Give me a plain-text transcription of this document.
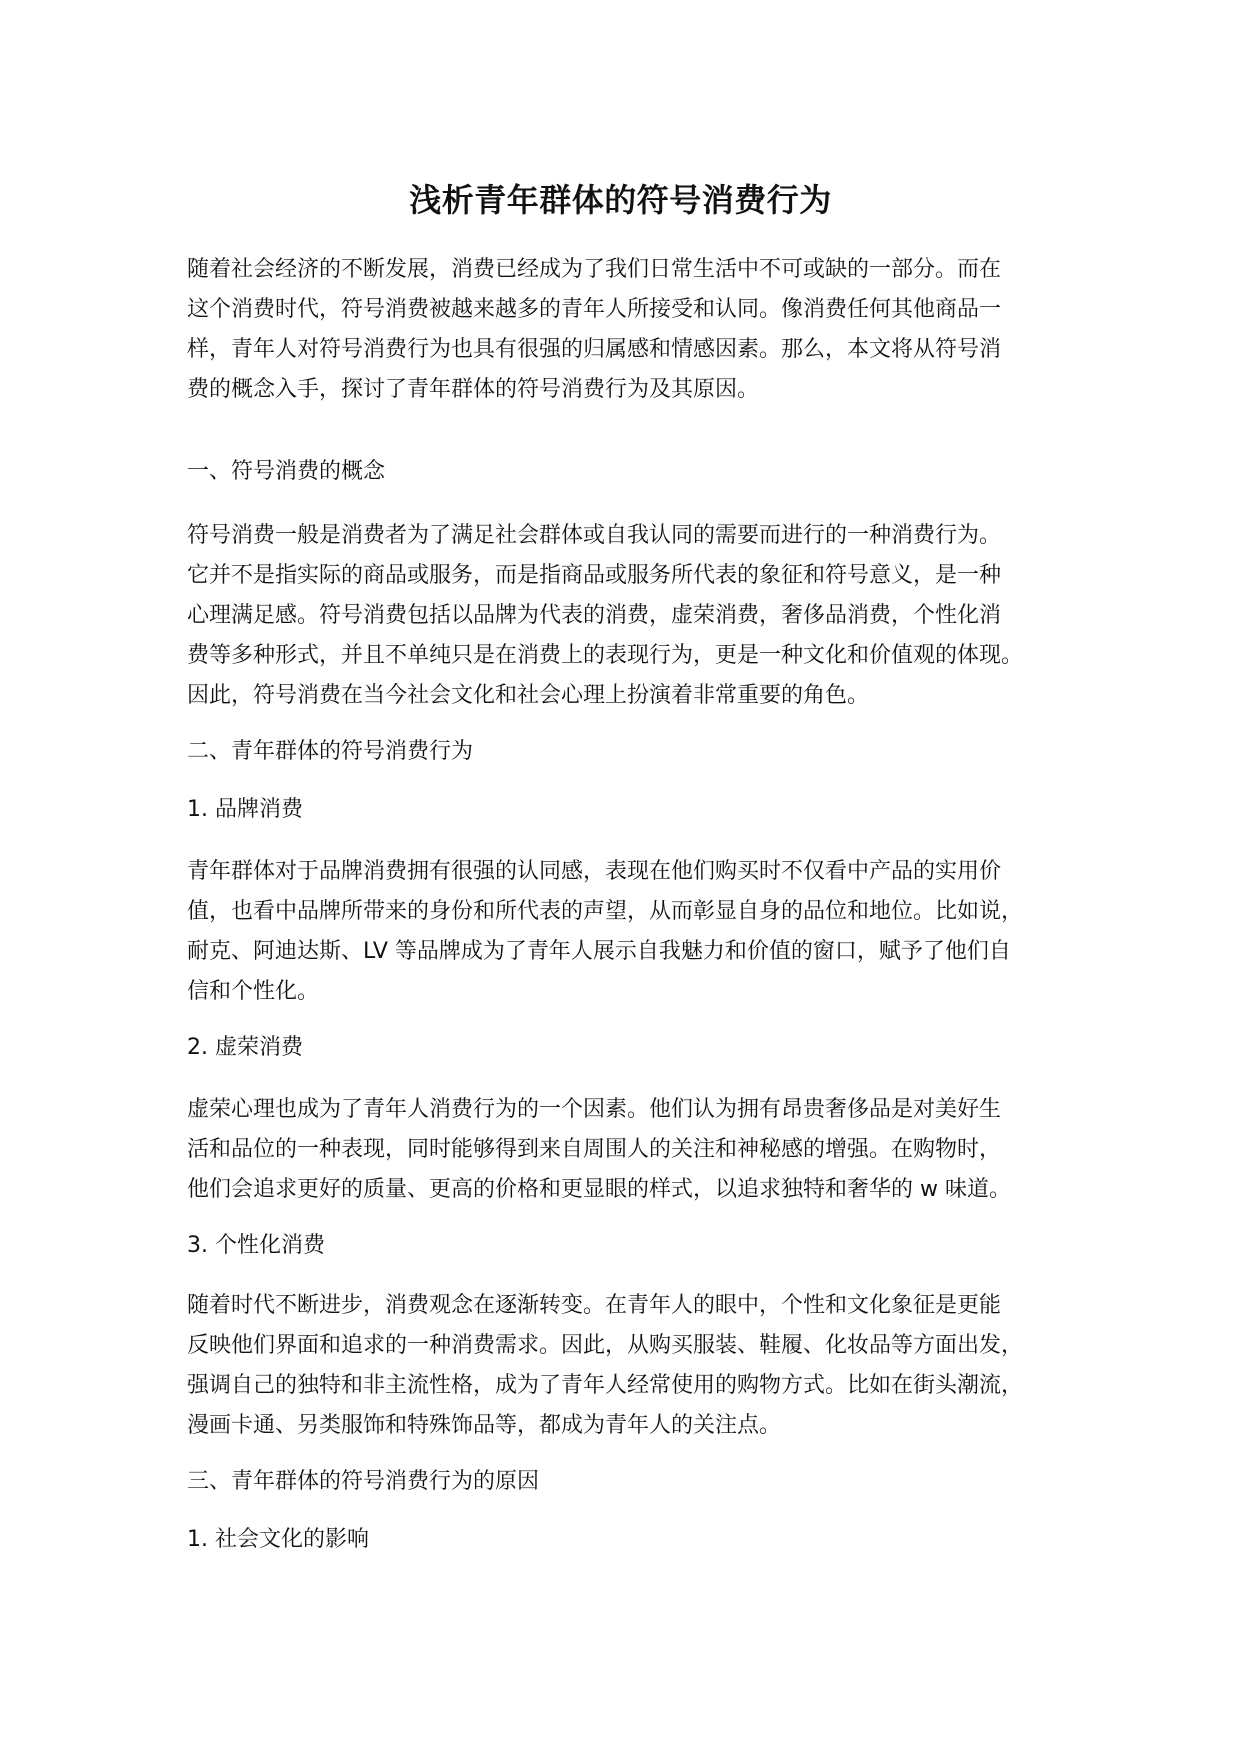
浅析青年群体的符号消费行为
随着社会经济的不断发展，消费已经成为了我们日常生活中不可或缺的一部分。而在
这个消费时代，符号消费被越来越多的青年人所接受和认同。像消费任何其他商品一
样，青年人对符号消费行为也具有很强的归属感和情感因素。那么，本文将从符号消
费的概念入手，探讨了青年群体的符号消费行为及其原因。
一、符号消费的概念
符号消费一般是消费者为了满足社会群体或自我认同的需要而进行的一种消费行为。
它并不是指实际的商品或服务，而是指商品或服务所代表的象征和符号意义，是一种
心理满足感。符号消费包括以品牌为代表的消费，虚荣消费，奢侈品消费，个性化消
费等多种形式，并且不单纯只是在消费上的表现行为，更是一种文化和价值观的体现。
因此，符号消费在当今社会文化和社会心理上扮演着非常重要的角色。
二、青年群体的符号消费行为
1. 品牌消费
青年群体对于品牌消费拥有很强的认同感，表现在他们购买时不仅看中产品的实用价
值，也看中品牌所带来的身份和所代表的声望，从而彰显自身的品位和地位。比如说，
耐克、阿迪达斯、LV 等品牌成为了青年人展示自我魅力和价值的窗口，赋予了他们自
信和个性化。
2. 虚荣消费
虚荣心理也成为了青年人消费行为的一个因素。他们认为拥有昂贵奢侈品是对美好生
活和品位的一种表现，同时能够得到来自周围人的关注和神秘感的增强。在购物时，
他们会追求更好的质量、更高的价格和更显眼的样式，以追求独特和奢华的 w 味道。
3. 个性化消费
随着时代不断进步，消费观念在逐渐转变。在青年人的眼中，个性和文化象征是更能
反映他们界面和追求的一种消费需求。因此，从购买服装、鞋履、化妆品等方面出发，
强调自己的独特和非主流性格，成为了青年人经常使用的购物方式。比如在街头潮流，
漫画卡通、另类服饰和特殊饰品等，都成为青年人的关注点。
三、青年群体的符号消费行为的原因
1. 社会文化的影响
